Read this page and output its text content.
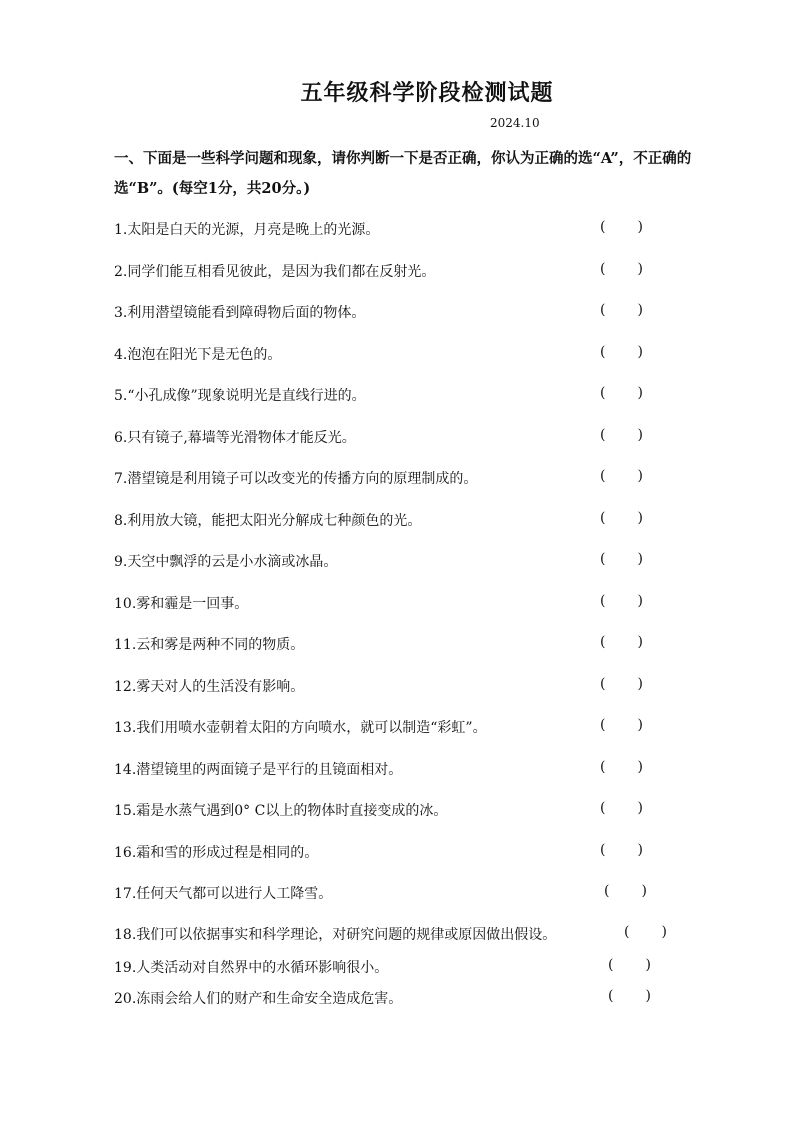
五年级科学阶段检测试题
2024.10
一、下面是一些科学问题和现象，请你判断一下是否正确，你认为正确的选“A”，不正确的选“B”。(每空1分，共20分。)
1.太阳是白天的光源，月亮是晚上的光源。	( )
2.同学们能互相看见彼此，是因为我们都在反射光。	( )
3.利用潜望镜能看到障碍物后面的物体。	( )
4.泡泡在阳光下是无色的。	( )
5.“小孔成像”现象说明光是直线行进的。	( )
6.只有镜子,幕墙等光滑物体才能反光。	( )
7.潜望镜是利用镜子可以改变光的传播方向的原理制成的。	( )
8.利用放大镜，能把太阳光分解成七种颜色的光。	( )
9.天空中飘浮的云是小水滴或冰晶。	( )
10.雾和霾是一回事。	( )
11.云和雾是两种不同的物质。	( )
12.雾天对人的生活没有影响。	( )
13.我们用喷水壶朝着太阳的方向喷水，就可以制造“彩虹”。	( )
14.潜望镜里的两面镜子是平行的且镜面相对。	( )
15.霜是水蒸气遇到0° C以上的物体时直接变成的冰。	( )
16.霜和雪的形成过程是相同的。	( )
17.任何天气都可以进行人工降雪。	( )
18.我们可以依据事实和科学理论，对研究问题的规律或原因做出假设。	( )
19.人类活动对自然界中的水循环影响很小。	( )
20.冻雨会给人们的财产和生命安全造成危害。	( )
